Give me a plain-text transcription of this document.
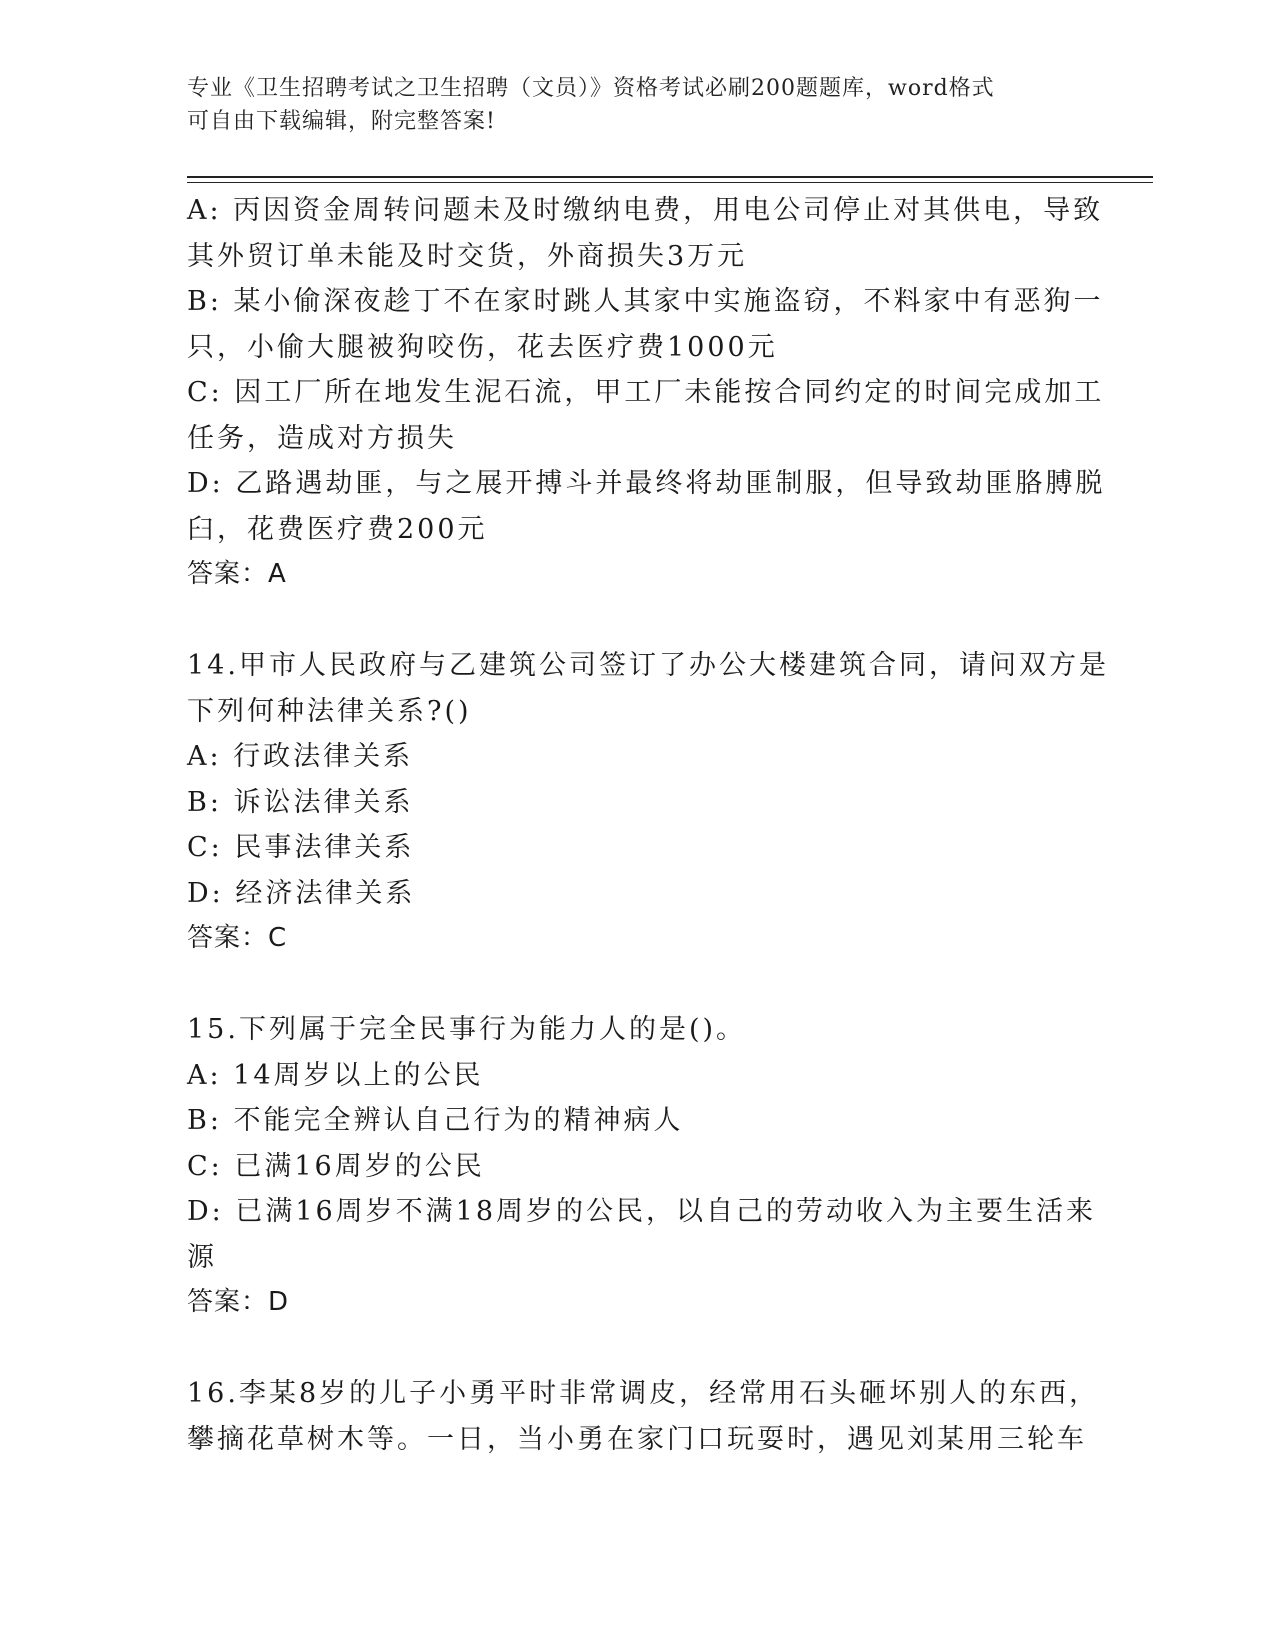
专业《卫生招聘考试之卫生招聘（文员）》资格考试必刷200题题库，word格式
可自由下载编辑，附完整答案!
A: 丙因资金周转问题未及时缴纳电费，用电公司停止对其供电，导致
其外贸订单未能及时交货，外商损失3万元
B: 某小偷深夜趁丁不在家时跳人其家中实施盗窃，不料家中有恶狗一
只，小偷大腿被狗咬伤，花去医疗费1000元
C: 因工厂所在地发生泥石流，甲工厂未能按合同约定的时间完成加工
任务，造成对方损失
D: 乙路遇劫匪，与之展开搏斗并最终将劫匪制服，但导致劫匪胳膊脱
臼，花费医疗费200元
答案：A
14.甲市人民政府与乙建筑公司签订了办公大楼建筑合同，请问双方是
下列何种法律关系?()
A: 行政法律关系
B: 诉讼法律关系
C: 民事法律关系
D: 经济法律关系
答案：C
15.下列属于完全民事行为能力人的是()。
A: 14周岁以上的公民
B: 不能完全辨认自己行为的精神病人
C: 已满16周岁的公民
D: 已满16周岁不满18周岁的公民，以自己的劳动收入为主要生活来
源
答案：D
16.李某8岁的儿子小勇平时非常调皮，经常用石头砸坏别人的东西，
攀摘花草树木等。一日，当小勇在家门口玩耍时，遇见刘某用三轮车
